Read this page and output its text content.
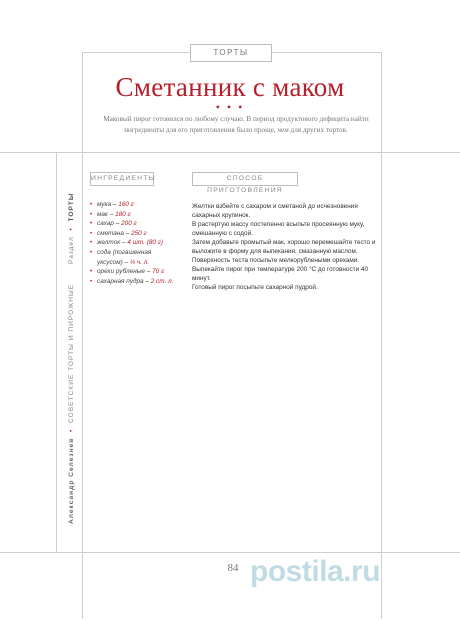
ТОРТЫ
Сметанник с маком
• • •
Маковый пирог готовился по любому случаю. В период продуктового дефицита найти ингредиенты для его приготовления было проще, чем для других тортов.
ИНГРЕДИЕНТЫ	СПОСОБ ПРИГОТОВЛЕНИЯ
• мука – 160 г
• мак – 180 г
• сахар – 200 г
• сметана – 250 г
• желток – 4 шт. (80 г)
• сода (погашенная уксусом) – ⅓ ч. л.
• орехи рубленые – 70 г
• сахарная пудра – 2 ст. л.

Желтки взбейте с сахаром и сметаной до исчезновения сахарных крупинок.

В растертую массу постепенно всыпьте просеянную муку, смешанную с содой.

Затем добавьте промытый мак, хорошо перемешайте тесто и выложите в форму для выпекания, смазанную маслом.

Поверхность теста посыпьте мелкорублеными орехами.

Выпекайте пирог при температуре 200 °С до готовности 40 минут.

Готовый пирог посыпьте сахарной пудрой.

Александр Селезнев  •  СОВЕТСКИЕ ТОРТЫ И ПИРОЖНЫЕ       Раздел  •  ТОРТЫ
84 postila.ru
